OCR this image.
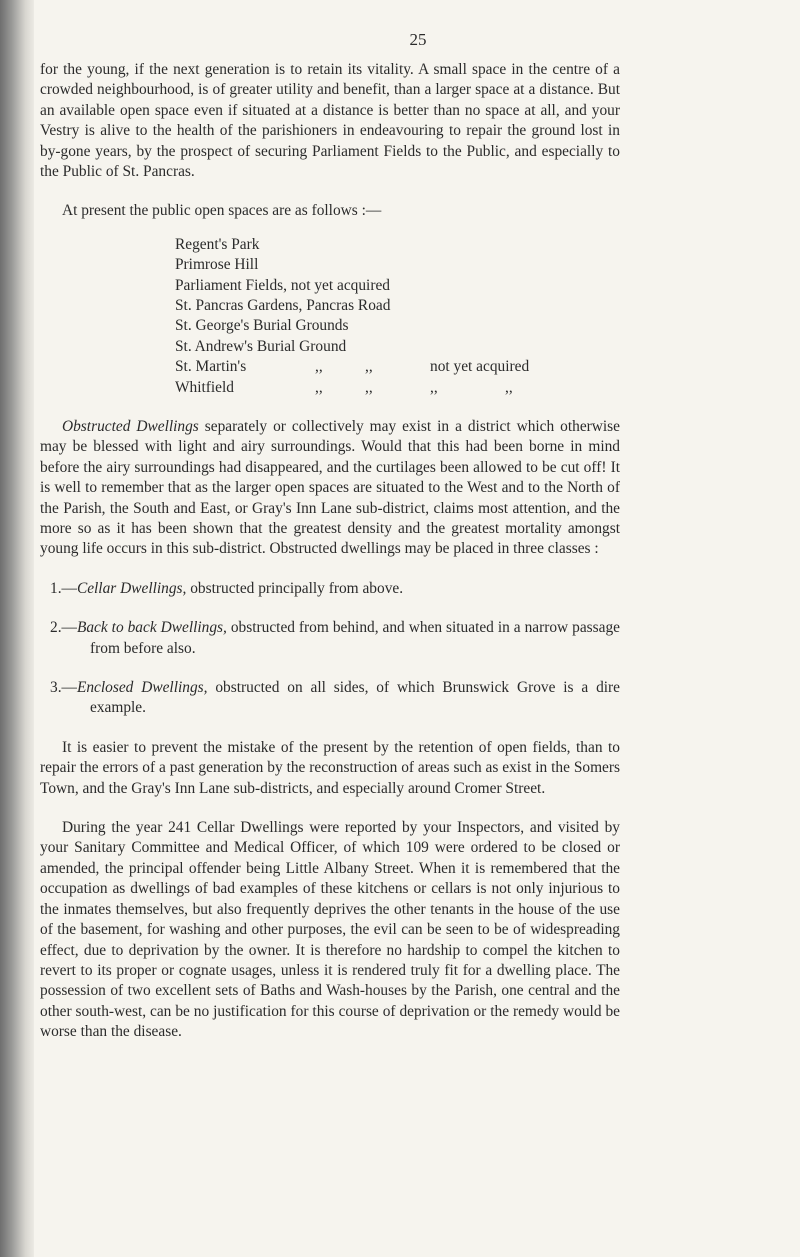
25

for the young, if the next generation is to retain its vitality. A small space in the centre of a crowded neighbourhood, is of greater utility and benefit, than a larger space at a distance. But an available open space even if situated at a distance is better than no space at all, and your Vestry is alive to the health of the parishioners in endeavouring to repair the ground lost in by-gone years, by the prospect of securing Parliament Fields to the Public, and especially to the Public of St. Pancras.

At present the public open spaces are as follows :—

Regent's Park
Primrose Hill
Parliament Fields, not yet acquired
St. Pancras Gardens, Pancras Road
St. George's Burial Grounds
St. Andrew's Burial Ground
St. Martin's	,,	,,	not yet acquired
Whitfield	,,	,,	,,	,,

Obstructed Dwellings separately or collectively may exist in a district which otherwise may be blessed with light and airy surroundings. Would that this had been borne in mind before the airy surroundings had disappeared, and the curtilages been allowed to be cut off! It is well to remember that as the larger open spaces are situated to the West and to the North of the Parish, the South and East, or Gray's Inn Lane sub-district, claims most attention, and the more so as it has been shown that the greatest density and the greatest mortality amongst young life occurs in this sub-district. Obstructed dwellings may be placed in three classes :

1.—Cellar Dwellings, obstructed principally from above.

2.—Back to back Dwellings, obstructed from behind, and when situated in a narrow passage from before also.

3.—Enclosed Dwellings, obstructed on all sides, of which Brunswick Grove is a dire example.

It is easier to prevent the mistake of the present by the retention of open fields, than to repair the errors of a past generation by the reconstruction of areas such as exist in the Somers Town, and the Gray's Inn Lane sub-districts, and especially around Cromer Street.

During the year 241 Cellar Dwellings were reported by your Inspectors, and visited by your Sanitary Committee and Medical Officer, of which 109 were ordered to be closed or amended, the principal offender being Little Albany Street. When it is remembered that the occupation as dwellings of bad examples of these kitchens or cellars is not only injurious to the inmates themselves, but also frequently deprives the other tenants in the house of the use of the basement, for washing and other purposes, the evil can be seen to be of widespreading effect, due to deprivation by the owner. It is therefore no hardship to compel the kitchen to revert to its proper or cognate usages, unless it is rendered truly fit for a dwelling place. The possession of two excellent sets of Baths and Wash-houses by the Parish, one central and the other south-west, can be no justification for this course of deprivation or the remedy would be worse than the disease.
